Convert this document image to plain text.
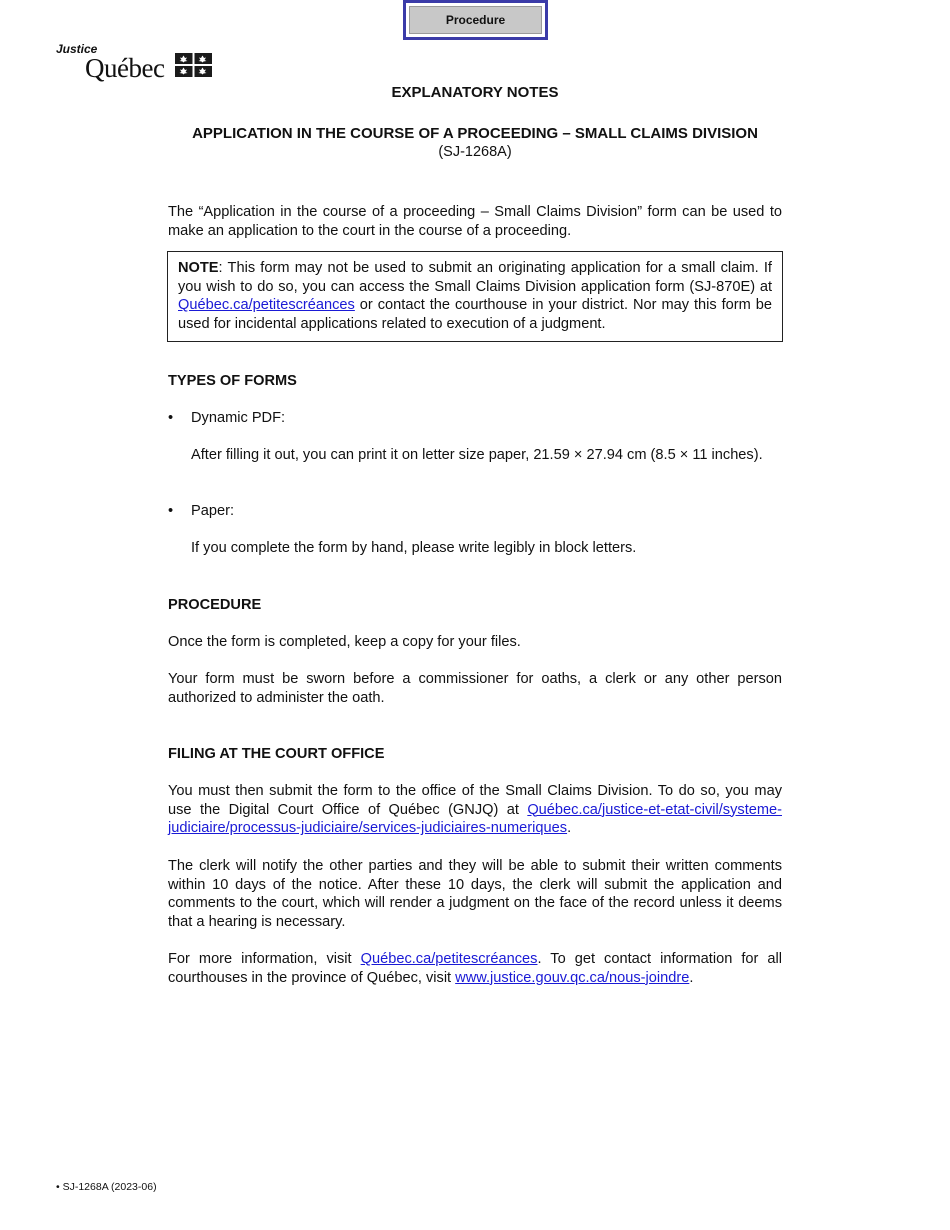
Procedure
Justice
Québec
EXPLANATORY NOTES
APPLICATION IN THE COURSE OF A PROCEEDING – SMALL CLAIMS DIVISION
(SJ-1268A)

The “Application in the course of a proceeding – Small Claims Division” form can be used to make an application to the court in the course of a proceeding.

NOTE: This form may not be used to submit an originating application for a small claim. If you wish to do so, you can access the Small Claims Division application form (SJ-870E) at Québec.ca/petitescréances or contact the courthouse in your district. Nor may this form be used for incidental applications related to execution of a judgment.
TYPES OF FORMS
• Dynamic PDF:
After filling it out, you can print it on letter size paper, 21.59 × 27.94 cm (8.5 × 11 inches).
• Paper:
If you complete the form by hand, please write legibly in block letters.
PROCEDURE

Once the form is completed, keep a copy for your files.

Your form must be sworn before a commissioner for oaths, a clerk or any other person authorized to administer the oath.

FILING AT THE COURT OFFICE

You must then submit the form to the office of the Small Claims Division. To do so, you may use the Digital Court Office of Québec (GNJQ) at Québec.ca/justice-et-etat-civil/systeme-judiciaire/processus-judiciaire/services-judiciaires-numeriques.

The clerk will notify the other parties and they will be able to submit their written comments within 10 days of the notice. After these 10 days, the clerk will submit the application and comments to the court, which will render a judgment on the face of the record unless it deems that a hearing is necessary.

For more information, visit Québec.ca/petitescréances. To get contact information for all courthouses in the province of Québec, visit www.justice.gouv.qc.ca/nous-joindre.

• SJ-1268A (2023-06)
